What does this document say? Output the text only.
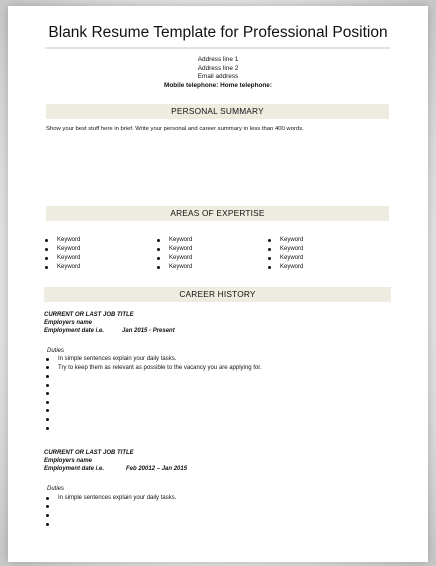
Blank Resume Template for Professional Position
Address line 1
Address line 2
Email address
Mobile telephone: Home telephone:
PERSONAL SUMMARY
Show your best stuff here in brief. Write your personal and career summary in less than 400 words.
AREAS OF EXPERTISE
Keyword
Keyword
Keyword
Keyword
Keyword
Keyword
Keyword
Keyword
Keyword
Keyword
Keyword
Keyword
CAREER HISTORY
CURRENT OR LAST JOB TITLE
Employers name
Employment date i.e.	Jan 2015 - Present
Duties
In simple sentences explain your daily tasks.
Try to keep them as relevant as possible to the vacancy you are applying for.
CURRENT OR LAST JOB TITLE
Employers name
Employment date i.e.	Feb 20012 – Jan 2015
Duties
In simple sentences explain your daily tasks.
